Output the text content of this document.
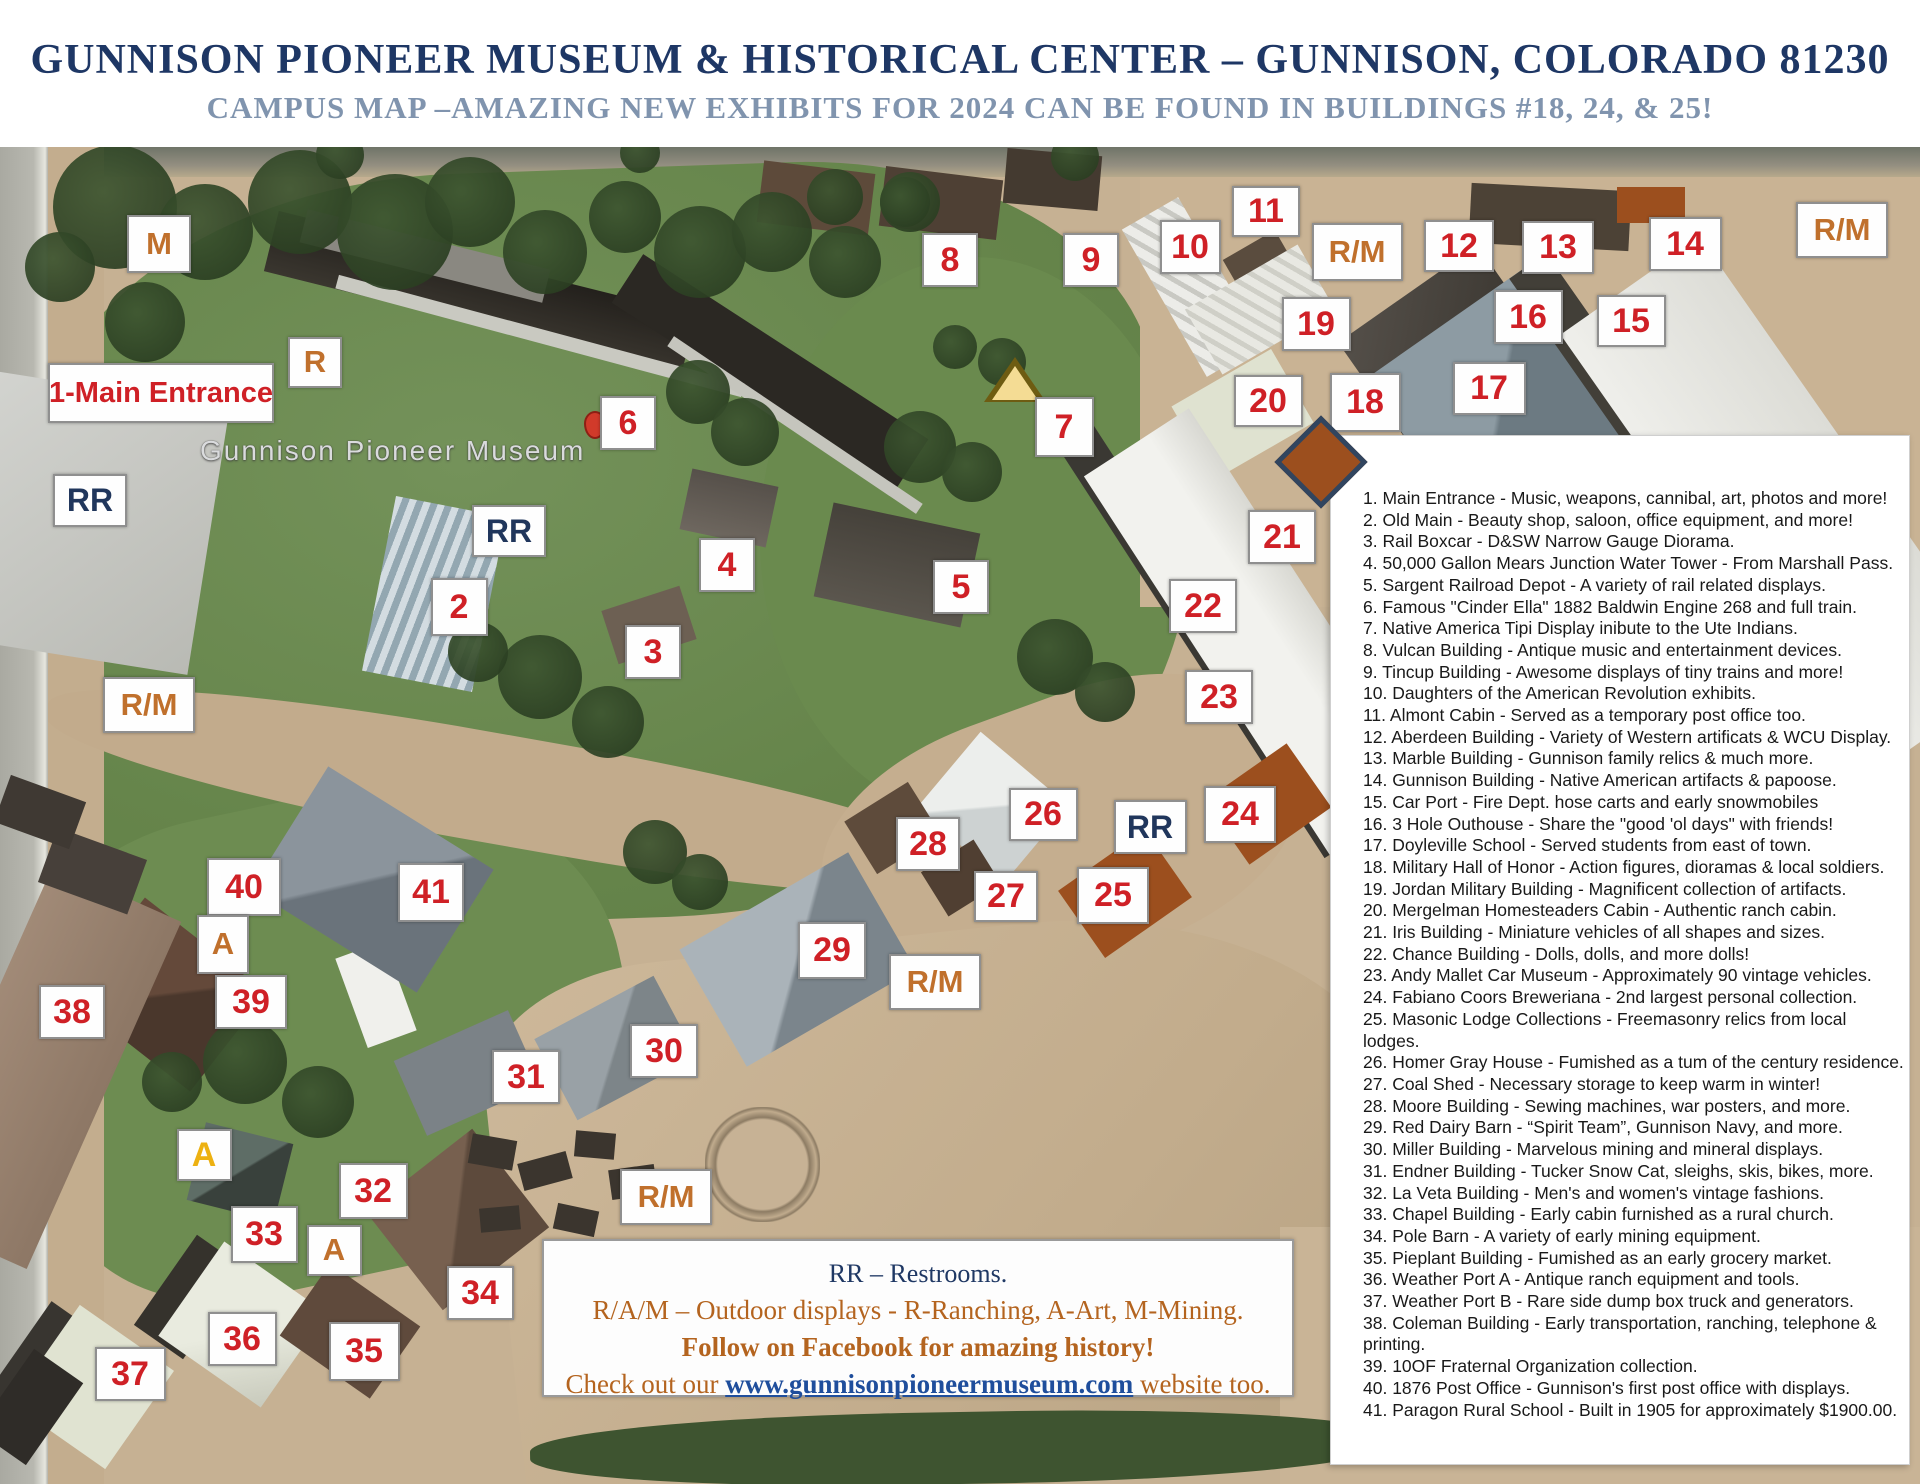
GUNNISON PIONEER MUSEUM & HISTORICAL CENTER – GUNNISON, COLORADO 81230
CAMPUS MAP –AMAZING NEW EXHIBITS FOR 2024 CAN BE FOUND IN BUILDINGS #18, 24, & 25!
Gunnison Pioneer Museum
M
R
1-Main Entrance
RR
6	7
8	9	10
11
R/M	12	13	14	R/M
19	16	15
17
20	18
RR
2
4
5
3
21
22
23
R/M
26	RR	24
28
27	25
40	41
A	29
R/M
39
38
30
31
A
32	R/M
33	A
34
36	35
37
1. Main Entrance - Music, weapons, cannibal, art, photos and more!
2. Old Main - Beauty shop, saloon, office equipment, and more!
3. Rail Boxcar - D&SW Narrow Gauge Diorama.
4. 50,000 Gallon Mears Junction Water Tower - From Marshall Pass.
5. Sargent Railroad Depot - A variety of rail related displays.
6. Famous "Cinder Ella" 1882 Baldwin Engine 268 and full train.
7. Native America Tipi Display inibute to the Ute Indians.
8. Vulcan Building - Antique music and entertainment devices.
9. Tincup Building - Awesome displays of tiny trains and more!
10. Daughters of the American Revolution exhibits.
11. Almont Cabin - Served as a temporary post office too.
12. Aberdeen Building - Variety of Western artificats & WCU Display.
13. Marble Building - Gunnison family relics & much more.
14. Gunnison Building - Native American artifacts & papoose.
15. Car Port - Fire Dept. hose carts and early snowmobiles
16. 3 Hole Outhouse - Share the "good 'ol days" with friends!
17. Doyleville School - Served students from east of town.
18. Military Hall of Honor - Action figures, dioramas & local soldiers.
19. Jordan Military Building - Magnificent collection of artifacts.
20. Mergelman Homesteaders Cabin - Authentic ranch cabin.
21. Iris Building - Miniature vehicles of all shapes and sizes.
22. Chance Building - Dolls, dolls, and more dolls!
23. Andy Mallet Car Museum - Approximately 90 vintage vehicles.
24. Fabiano Coors Breweriana - 2nd largest personal collection.
25. Masonic Lodge Collections - Freemasonry relics from local
lodges.
26. Homer Gray House - Fumished as a tum of the century residence.
27. Coal Shed - Necessary storage to keep warm in winter!
28. Moore Building - Sewing machines, war posters, and more.
29. Red Dairy Barn - “Spirit Team”, Gunnison Navy, and more.
30. Miller Building - Marvelous mining and mineral displays.
31. Endner Building - Tucker Snow Cat, sleighs, skis, bikes, more.
32. La Veta Building - Men's and women's vintage fashions.
33. Chapel Building - Early cabin furnished as a rural church.
34. Pole Barn - A variety of early mining equipment.
35. Pieplant Building - Fumished as an early grocery market.
36. Weather Port A - Antique ranch equipment and tools.
37. Weather Port B - Rare side dump box truck and generators.
38. Coleman Building - Early transportation, ranching, telephone &
printing.
39. 10OF Fraternal Organization collection.
40. 1876 Post Office - Gunnison's first post office with displays.
41. Paragon Rural School - Built in 1905 for approximately $1900.00.
RR – Restrooms.
R/A/M – Outdoor displays - R-Ranching, A-Art, M-Mining.
Follow on Facebook for amazing history!
Check out our www.gunnisonpioneermuseum.com website too.
